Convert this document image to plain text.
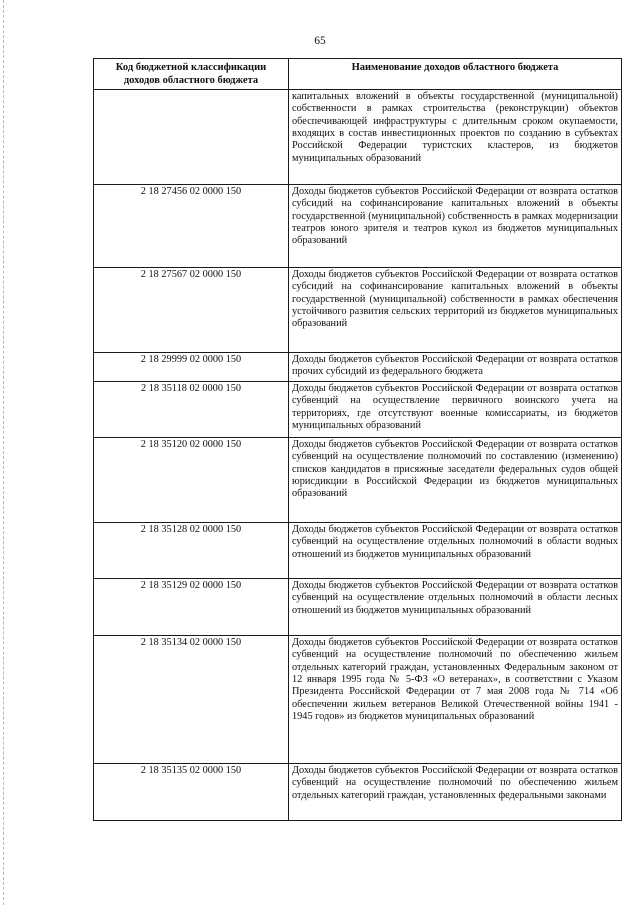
65
Код бюджетной классификации доходов областного бюджета	Наименование доходов областного бюджета
	капитальных вложений в объекты государственной (муниципальной) собственности в рамках строительства (реконструкции) объектов обеспечивающей инфраструктуры с длительным сроком окупаемости, входящих в состав инвестиционных проектов по созданию в субъектах Российской Федерации туристских кластеров, из бюджетов муниципальных образований
2 18 27456 02 0000 150	Доходы бюджетов субъектов Российской Федерации от возврата остатков субсидий на софинансирование капитальных вложений в объекты государственной (муниципальной) собственность в рамках модернизации театров юного зрителя и театров кукол из бюджетов муниципальных образований
2 18 27567 02 0000 150	Доходы бюджетов субъектов Российской Федерации от возврата остатков субсидий на софинансирование капитальных вложений в объекты государственной (муниципальной) собственности в рамках обеспечения устойчивого развития сельских территорий из бюджетов муниципальных образований
2 18 29999 02 0000 150	Доходы бюджетов субъектов Российской Федерации от возврата остатков прочих субсидий из федерального бюджета
2 18 35118 02 0000 150	Доходы бюджетов субъектов Российской Федерации от возврата остатков субвенций на осуществление первичного воинского учета на территориях, где отсутствуют военные комиссариаты, из бюджетов муниципальных образований
2 18 35120 02 0000 150	Доходы бюджетов субъектов Российской Федерации от возврата остатков субвенций на осуществление полномочий по составлению (изменению) списков кандидатов в присяжные заседатели федеральных судов общей юрисдикции в Российской Федерации из бюджетов муниципальных образований
2 18 35128 02 0000 150	Доходы бюджетов субъектов Российской Федерации от возврата остатков субвенций на осуществление отдельных полномочий в области водных отношений из бюджетов муниципальных образований
2 18 35129 02 0000 150	Доходы бюджетов субъектов Российской Федерации от возврата остатков субвенций на осуществление отдельных полномочий в области лесных отношений из бюджетов муниципальных образований
2 18 35134 02 0000 150	Доходы бюджетов субъектов Российской Федерации от возврата остатков субвенций на осуществление полномочий по обеспечению жильем отдельных категорий граждан, установленных Федеральным законом от 12 января 1995 года № 5-ФЗ «О ветеранах», в соответствии с Указом Президента Российской Федерации от 7 мая 2008 года № 714 «Об обеспечении жильем ветеранов Великой Отечественной войны 1941 - 1945 годов» из бюджетов муниципальных образований
2 18 35135 02 0000 150	Доходы бюджетов субъектов Российской Федерации от возврата остатков субвенций на осуществление полномочий по обеспечению жильем отдельных категорий граждан, установленных федеральными законами
